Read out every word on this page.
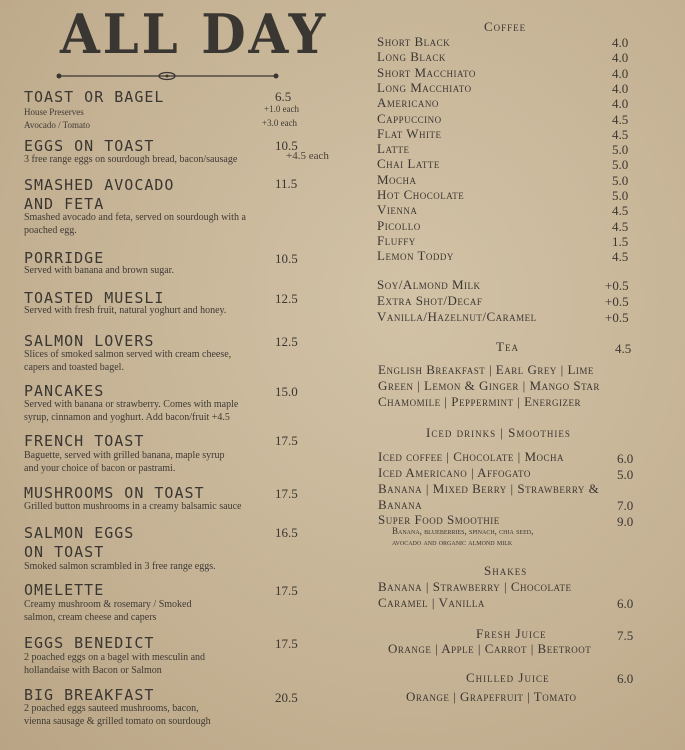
ALL DAY
TOAST OR BAGEL	6.5
House Preserves	+1.0 each
Avocado / Tomato	+3.0 each
EGGS ON TOAST	10.5
3 free range eggs on sourdough bread, bacon/sausage	+4.5 each
SMASHED AVOCADO	11.5
AND FETA
Smashed avocado and feta, served on sourdough with a
poached egg.
PORRIDGE	10.5
Served with banana and brown sugar.
TOASTED MUESLI	12.5
Served with fresh fruit, natural yoghurt and honey.
SALMON LOVERS	12.5
Slices of smoked salmon served with cream cheese,
capers and toasted bagel.
PANCAKES	15.0
Served with banana or strawberry. Comes with maple
syrup, cinnamon and yoghurt. Add bacon/fruit +4.5
FRENCH TOAST	17.5
Baguette, served with grilled banana, maple syrup
and your choice of bacon or pastrami.
MUSHROOMS ON TOAST	17.5
Grilled button mushrooms in a creamy balsamic sauce
SALMON EGGS	16.5
ON TOAST
Smoked salmon scrambled in 3 free range eggs.
OMELETTE	17.5
Creamy mushroom & rosemary / Smoked
salmon, cream cheese and capers
EGGS BENEDICT	17.5
2 poached eggs on a bagel with mesculin and
hollandaise with Bacon or Salmon
BIG BREAKFAST	20.5
2 poached eggs sauteed mushrooms, bacon,
vienna sausage & grilled tomato on sourdough
Coffee
Short Black	4.0
Long Black	4.0
Short Macchiato	4.0
Long Macchiato	4.0
Americano	4.0
Cappuccino	4.5
Flat White	4.5
Latte	5.0
Chai Latte	5.0
Mocha	5.0
Hot Chocolate	5.0
Vienna	4.5
Picollo	4.5
Fluffy	1.5
Lemon Toddy	4.5
Soy/Almond Milk	+0.5
Extra Shot/Decaf	+0.5
Vanilla/Hazelnut/Caramel	+0.5
Tea	4.5
English Breakfast | Earl Grey | Lime
Green | Lemon & Ginger | Mango Star
Chamomile | Peppermint | Energizer
Iced drinks | Smoothies
Iced coffee | Chocolate | Mocha	6.0
Iced Americano | Affogato	5.0
Banana | Mixed Berry | Strawberry &
Banana	7.0
Super Food Smoothie	9.0
Banana, blueberries, spinach, chia seed,
avocado and organic almond milk
Shakes
Banana | Strawberry | Chocolate
Caramel | Vanilla	6.0
Fresh Juice	7.5
Orange | Apple | Carrot | Beetroot
Chilled Juice	6.0
Orange | Grapefruit | Tomato
